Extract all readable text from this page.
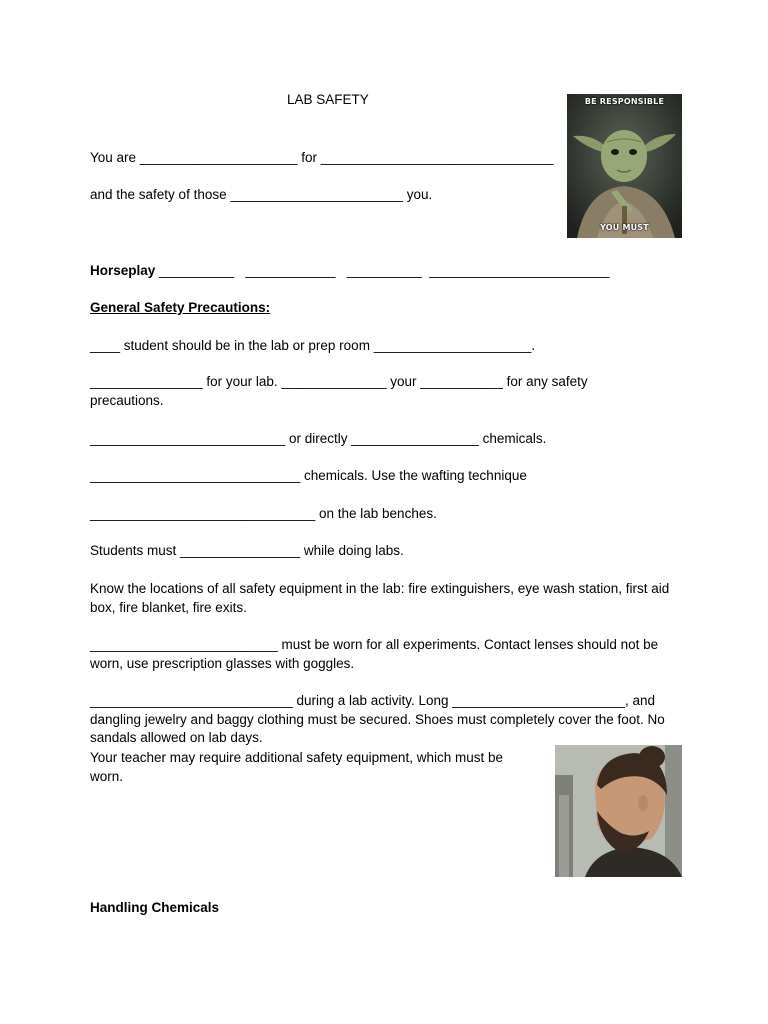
LAB SAFETY
You are _____________________ for _______________________________
and the safety of those _______________________ you.
Horseplay __________   ____________   __________  ________________________
General Safety Precautions:
____ student should be in the lab or prep room _____________________.
_______________ for your lab. ______________ your ___________ for any safety precautions.
__________________________ or directly _________________ chemicals.
____________________________ chemicals. Use the wafting technique
______________________________ on the lab benches.
Students must ________________ while doing labs.
Know the locations of all safety equipment in the lab: fire extinguishers, eye wash station, first aid box, fire blanket, fire exits.
_________________________ must be worn for all experiments. Contact lenses should not be worn, use prescription glasses with goggles.
___________________________ during a lab activity. Long _______________________, and dangling jewelry and baggy clothing must be secured. Shoes must completely cover the foot. No sandals allowed on lab days.
Your teacher may require additional safety equipment, which must be worn.
Handling Chemicals
BE RESPONSIBLE
YOU MUST
